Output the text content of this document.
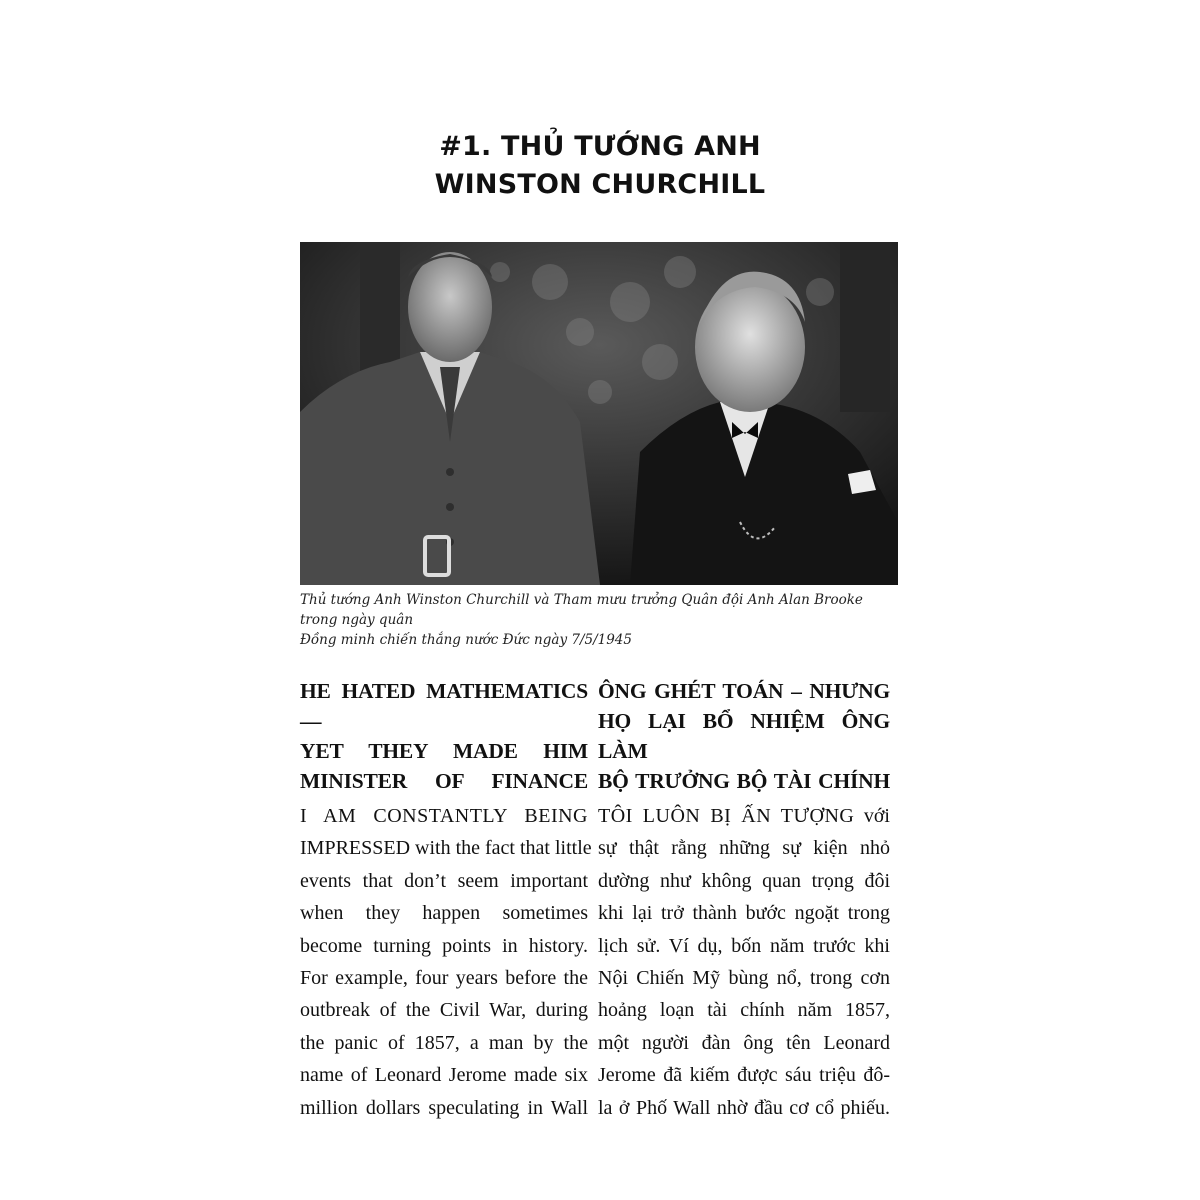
#1. THỦ TƯỚNG ANH
WINSTON CHURCHILL
Thủ tướng Anh Winston Churchill và Tham mưu trưởng Quân đội Anh Alan Brooke trong ngày quân
Đồng minh chiến thắng nước Đức ngày 7/5/1945
HE HATED MATHEMATICS—
YET THEY MADE HIM
MINISTER OF FINANCE
I AM CONSTANTLY BEING
IMPRESSED with the fact that little
events that don’t seem important
when they happen sometimes
become turning points in history.
For example, four years before the
outbreak of the Civil War, during
the panic of 1857, a man by the
name of Leonard Jerome made six
million dollars speculating in Wall
ÔNG GHÉT TOÁN – NHƯNG
HỌ LẠI BỔ NHIỆM ÔNG LÀM
BỘ TRƯỞNG BỘ TÀI CHÍNH
TÔI LUÔN BỊ ẤN TƯỢNG với
sự thật rằng những sự kiện nhỏ
dường như không quan trọng đôi
khi lại trở thành bước ngoặt trong
lịch sử. Ví dụ, bốn năm trước khi
Nội Chiến Mỹ bùng nổ, trong cơn
hoảng loạn tài chính năm 1857,
một người đàn ông tên Leonard
Jerome đã kiếm được sáu triệu đô-
la ở Phố Wall nhờ đầu cơ cổ phiếu.
